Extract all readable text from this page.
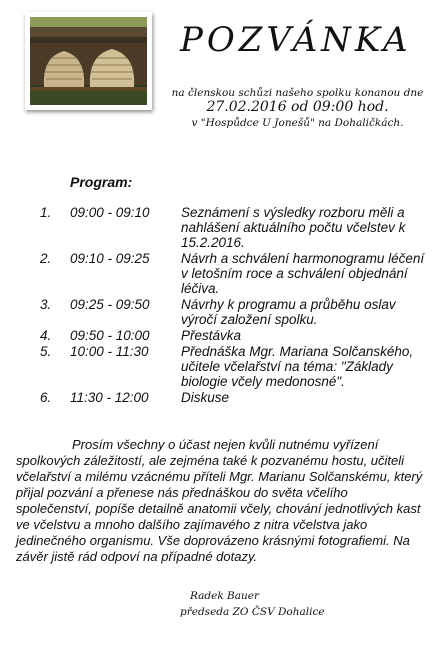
POZVÁNKA
na členskou schůzi našeho spolku konanou dne
27.02.2016 od 09:00 hod.
v "Hospůdce U Jonešů" na Dohaličkách.
Program:
1.	09:00 - 09:10	Seznámení s výsledky rozboru měli a nahlášení aktuálního počtu včelstev k 15.2.2016.
2.	09:10 - 09:25	Návrh a schválení harmonogramu léčení v letošním roce a schválení objednání léčiva.
3.	09:25 - 09:50	Návrhy k programu a průběhu oslav výročí založení spolku.
4.	09:50 - 10:00	Přestávka
5.	10:00 - 11:30	Přednáška Mgr. Mariana Solčanského, učitele včelařství na téma: "Základy biologie včely medonosné".
6.	11:30 - 12:00	Diskuse

Prosím všechny o účast nejen kvůli nutnému vyřízení spolkových záležitostí, ale zejména také k pozvanému hostu, učiteli včelařství a milému vzácnému příteli Mgr. Marianu Solčanskému, který přijal pozvání a přenese nás přednáškou do světa včelího společenství, popíše detailně anatomii včely, chování jednotlivých kast ve včelstvu a mnoho dalšího zajímavého z nitra včelstva jako jedinečného organismu. Vše doprovázeno krásnými fotografiemi. Na závěr jistě rád odpoví na případné dotazy.

Radek Bauer
předseda ZO ČSV Dohalice
